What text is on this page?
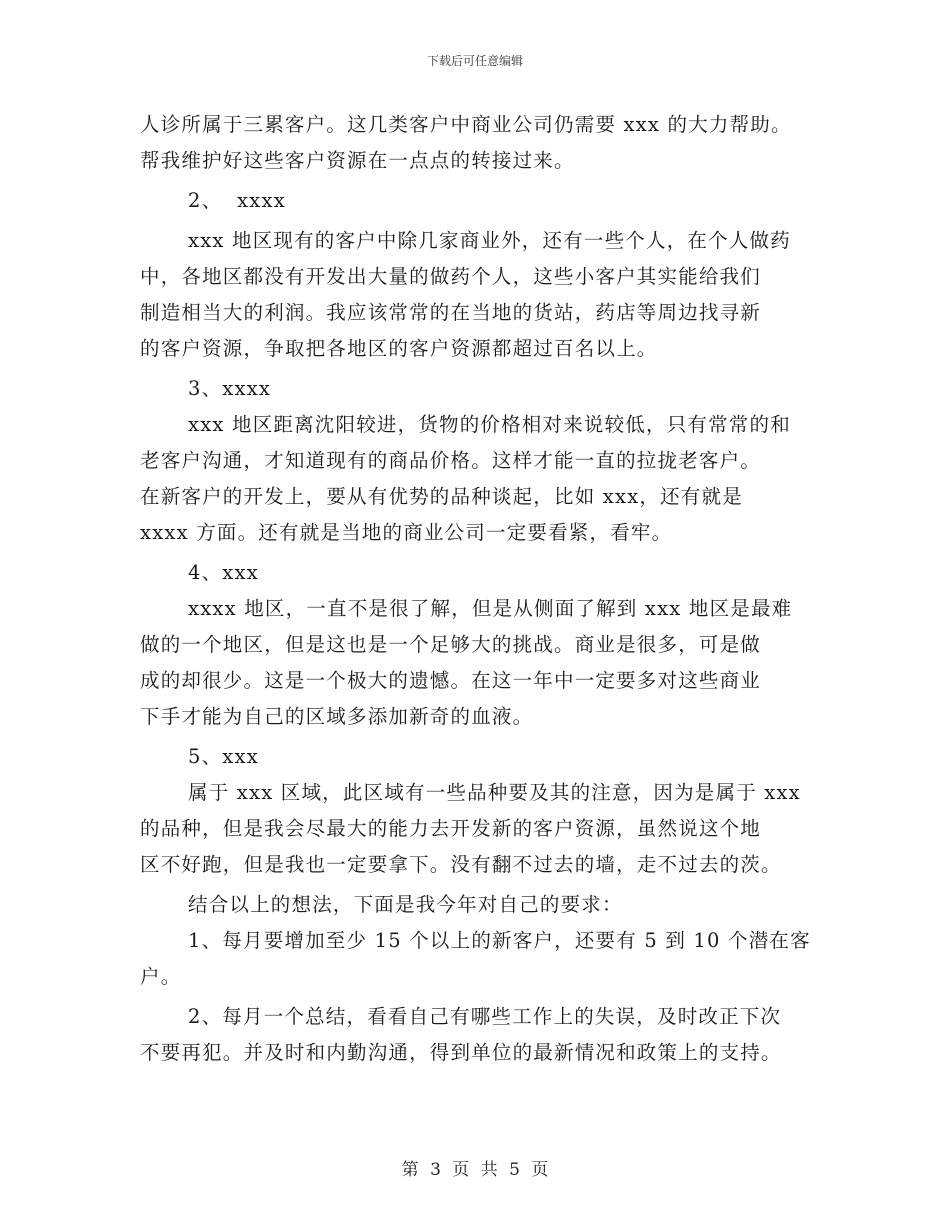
下载后可任意编辑
人诊所属于三累客户。这几类客户中商业公司仍需要 xxx 的大力帮助。
帮我维护好这些客户资源在一点点的转接过来。
2、  xxxx
xxx 地区现有的客户中除几家商业外，还有一些个人，在个人做药
中，各地区都没有开发出大量的做药个人，这些小客户其实能给我们
制造相当大的利润。我应该常常的在当地的货站，药店等周边找寻新
的客户资源，争取把各地区的客户资源都超过百名以上。
3、xxxx
xxx 地区距离沈阳较进，货物的价格相对来说较低，只有常常的和
老客户沟通，才知道现有的商品价格。这样才能一直的拉拢老客户。
在新客户的开发上，要从有优势的品种谈起，比如 xxx，还有就是
xxxx 方面。还有就是当地的商业公司一定要看紧，看牢。
4、xxx
xxxx 地区，一直不是很了解，但是从侧面了解到 xxx 地区是最难
做的一个地区，但是这也是一个足够大的挑战。商业是很多，可是做
成的却很少。这是一个极大的遗憾。在这一年中一定要多对这些商业
下手才能为自己的区域多添加新奇的血液。
5、xxx
属于 xxx 区域，此区域有一些品种要及其的注意，因为是属于 xxx
的品种，但是我会尽最大的能力去开发新的客户资源，虽然说这个地
区不好跑，但是我也一定要拿下。没有翻不过去的墙，走不过去的茨。
结合以上的想法，下面是我今年对自己的要求：
1、每月要增加至少 15 个以上的新客户，还要有 5 到 10 个潜在客
户。
2、每月一个总结，看看自己有哪些工作上的失误，及时改正下次
不要再犯。并及时和内勤沟通，得到单位的最新情况和政策上的支持。
第 3 页 共 5 页
